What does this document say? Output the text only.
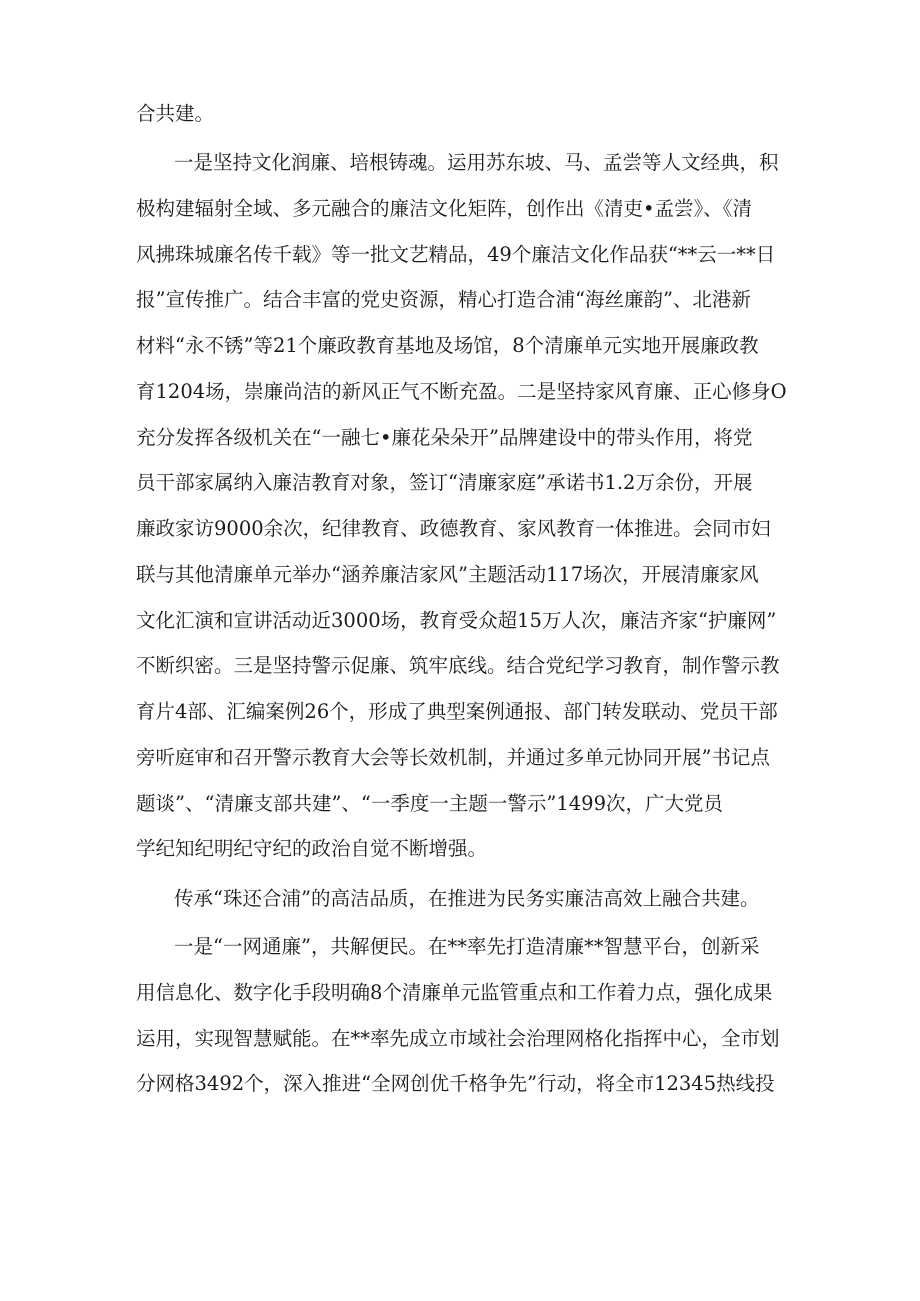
合共建。
一是坚持文化润廉、培根铸魂。运用苏东坡、马、孟尝等人文经典，积
极构建辐射全域、多元融合的廉洁文化矩阵，创作出《清吏•孟尝》、《清
风拂珠城廉名传千载》等一批文艺精品，49个廉洁文化作品获“**云一**日
报”宣传推广。结合丰富的党史资源，精心打造合浦“海丝廉韵”、北港新
材料“永不锈”等21个廉政教育基地及场馆，8个清廉单元实地开展廉政教
育1204场，崇廉尚洁的新风正气不断充盈。二是坚持家风育廉、正心修身O
充分发挥各级机关在“一融七•廉花朵朵开”品牌建设中的带头作用，将党
员干部家属纳入廉洁教育对象，签订“清廉家庭”承诺书1.2万余份，开展
廉政家访9000余次，纪律教育、政德教育、家风教育一体推进。会同市妇
联与其他清廉单元举办“涵养廉洁家风”主题活动117场次，开展清廉家风
文化汇演和宣讲活动近3000场，教育受众超15万人次，廉洁齐家“护廉网”
不断织密。三是坚持警示促廉、筑牢底线。结合党纪学习教育，制作警示教
育片4部、汇编案例26个，形成了典型案例通报、部门转发联动、党员干部
旁听庭审和召开警示教育大会等长效机制，并通过多单元协同开展”书记点
题谈”、“清廉支部共建”、“一季度一主题一警示”1499次，广大党员
学纪知纪明纪守纪的政治自觉不断增强。
传承“珠还合浦”的高洁品质，在推进为民务实廉洁高效上融合共建。
一是“一网通廉”，共解便民。在**率先打造清廉**智慧平台，创新采
用信息化、数字化手段明确8个清廉单元监管重点和工作着力点，强化成果
运用，实现智慧赋能。在**率先成立市域社会治理网格化指挥中心，全市划
分网格3492个，深入推进“全网创优千格争先”行动，将全市12345热线投
